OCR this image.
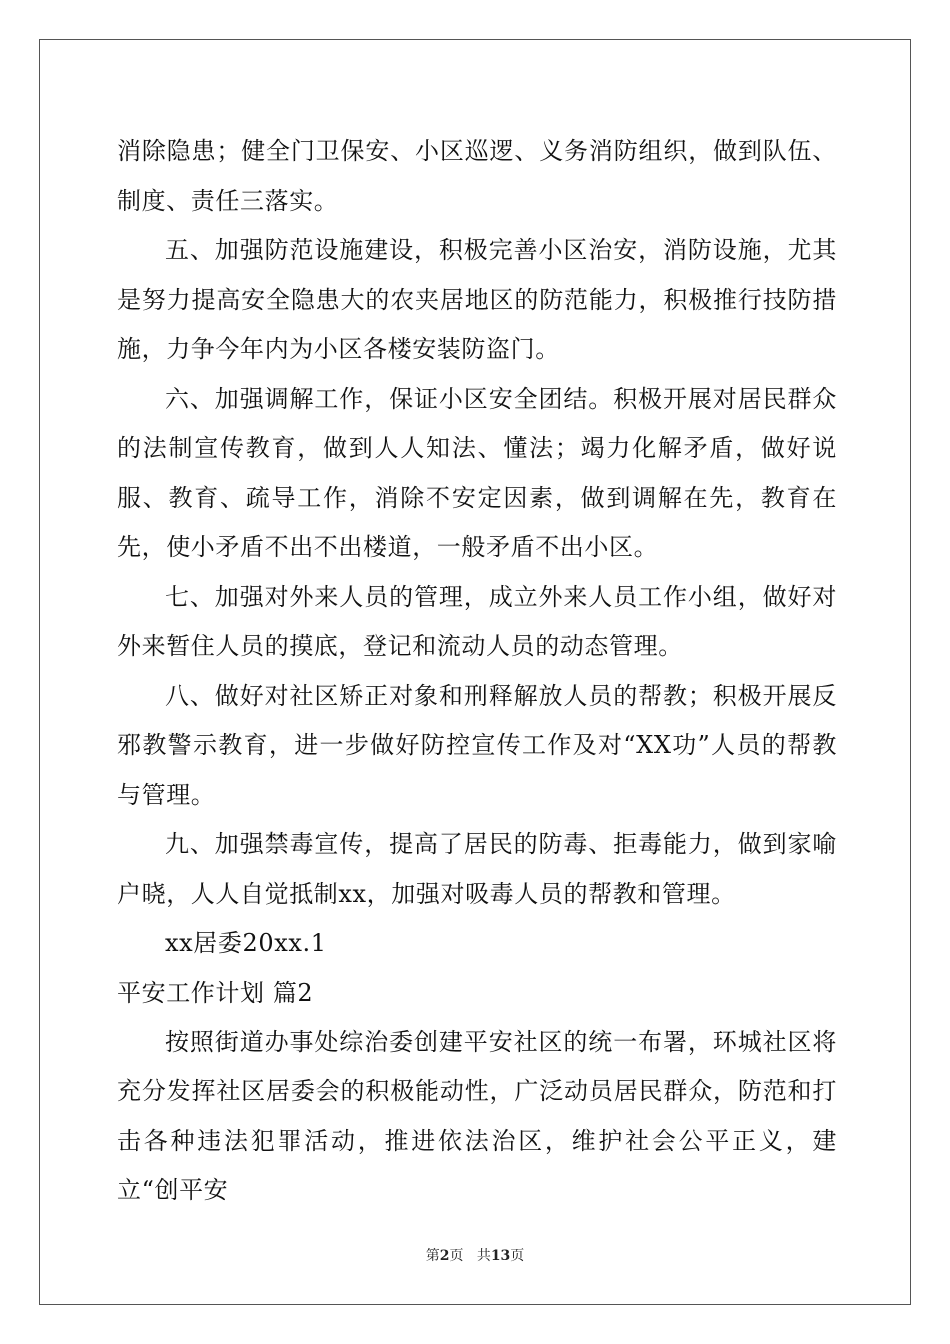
消除隐患；健全门卫保安、小区巡逻、义务消防组织，做到队伍、制度、责任三落实。

五、加强防范设施建设，积极完善小区治安，消防设施，尤其是努力提高安全隐患大的农夹居地区的防范能力，积极推行技防措施，力争今年内为小区各楼安装防盗门。

六、加强调解工作，保证小区安全团结。积极开展对居民群众的法制宣传教育，做到人人知法、懂法；竭力化解矛盾，做好说服、教育、疏导工作，消除不安定因素，做到调解在先，教育在先，使小矛盾不出不出楼道，一般矛盾不出小区。

七、加强对外来人员的管理，成立外来人员工作小组，做好对外来暂住人员的摸底，登记和流动人员的动态管理。

八、做好对社区矫正对象和刑释解放人员的帮教；积极开展反邪教警示教育，进一步做好防控宣传工作及对“XX功”人员的帮教与管理。

九、加强禁毒宣传，提高了居民的防毒、拒毒能力，做到家喻户晓，人人自觉抵制xx，加强对吸毒人员的帮教和管理。

xx居委20xx.1

平安工作计划 篇2

按照街道办事处综治委创建平安社区的统一布署，环城社区将充分发挥社区居委会的积极能动性，广泛动员居民群众，防范和打击各种违法犯罪活动，推进依法治区，维护社会公平正义，建立“创平安

第2页 共13页
